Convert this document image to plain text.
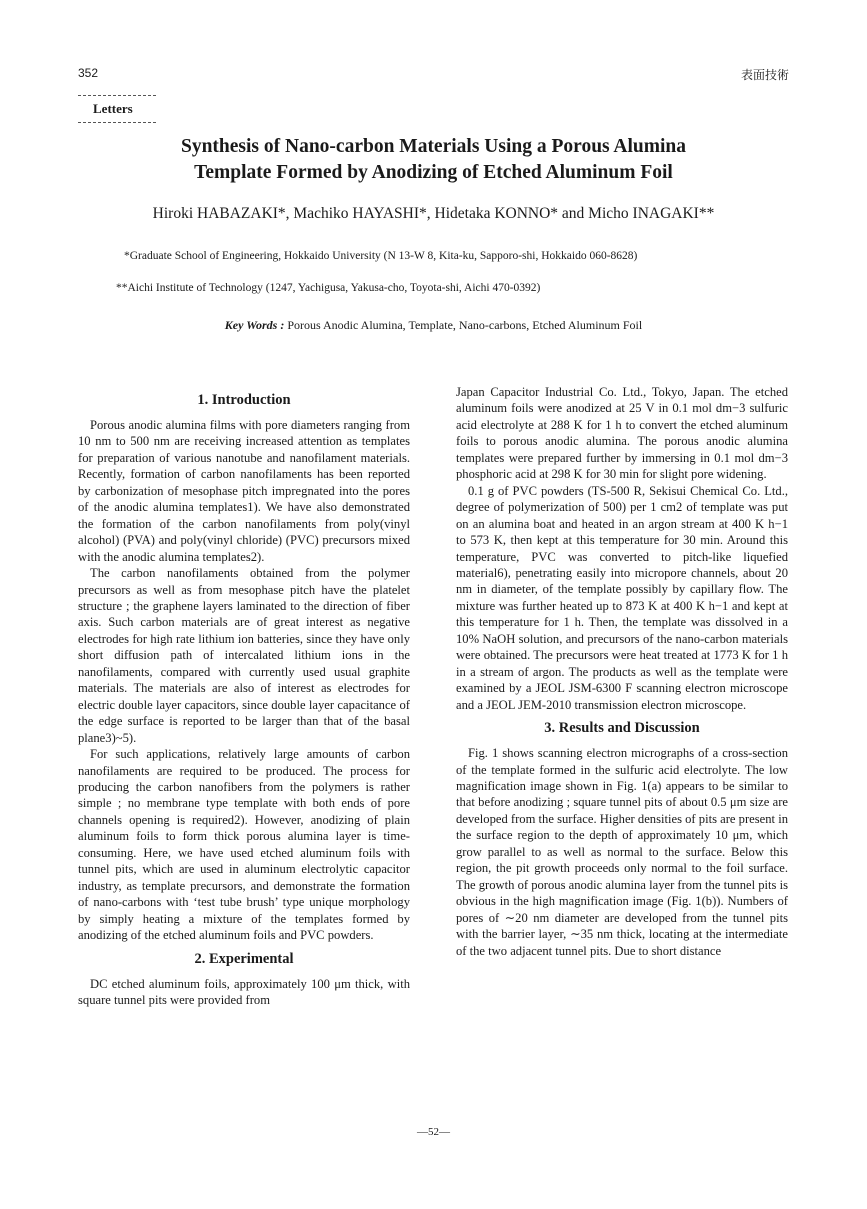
352	表面技術
Letters
Synthesis of Nano-carbon Materials Using a Porous Alumina
Template Formed by Anodizing of Etched Aluminum Foil
Hiroki HABAZAKI*, Machiko HAYASHI*, Hidetaka KONNO* and Micho INAGAKI**
*Graduate School of Engineering, Hokkaido University (N 13-W 8, Kita-ku, Sapporo-shi, Hokkaido 060-8628)
**Aichi Institute of Technology (1247, Yachigusa, Yakusa-cho, Toyota-shi, Aichi 470-0392)
Key Words : Porous Anodic Alumina, Template, Nano-carbons, Etched Aluminum Foil
1. Introduction

Porous anodic alumina films with pore diameters ranging from 10 nm to 500 nm are receiving increased attention as templates for preparation of various nanotube and nanofilament materials. Recently, formation of carbon nanofilaments has been reported by carbonization of mesophase pitch impregnated into the pores of the anodic alumina templates1). We have also demonstrated the formation of the carbon nanofilaments from poly(vinyl alcohol) (PVA) and poly(vinyl chloride) (PVC) precursors mixed with the anodic alumina templates2).

The carbon nanofilaments obtained from the polymer precursors as well as from mesophase pitch have the platelet structure ; the graphene layers laminated to the direction of fiber axis. Such carbon materials are of great interest as negative electrodes for high rate lithium ion batteries, since they have only short diffusion path of intercalated lithium ions in the nanofilaments, compared with currently used usual graphite materials. The materials are also of interest as electrodes for electric double layer capacitors, since double layer capacitance of the edge surface is reported to be larger than that of the basal plane3)~5).

For such applications, relatively large amounts of carbon nanofilaments are required to be produced. The process for producing the carbon nanofibers from the polymers is rather simple ; no membrane type template with both ends of pore channels opening is required2). However, anodizing of plain aluminum foils to form thick porous alumina layer is time-consuming. Here, we have used etched aluminum foils with tunnel pits, which are used in aluminum electrolytic capacitor industry, as template precursors, and demonstrate the formation of nano-carbons with ‘test tube brush’ type unique morphology by simply heating a mixture of the templates formed by anodizing of the etched aluminum foils and PVC powders.

2. Experimental

DC etched aluminum foils, approximately 100 μm thick, with square tunnel pits were provided from

Japan Capacitor Industrial Co. Ltd., Tokyo, Japan. The etched aluminum foils were anodized at 25 V in 0.1 mol dm−3 sulfuric acid electrolyte at 288 K for 1 h to convert the etched aluminum foils to porous anodic alumina. The porous anodic alumina templates were prepared further by immersing in 0.1 mol dm−3 phosphoric acid at 298 K for 30 min for slight pore widening.

0.1 g of PVC powders (TS-500 R, Sekisui Chemical Co. Ltd., degree of polymerization of 500) per 1 cm2 of template was put on an alumina boat and heated in an argon stream at 400 K h−1 to 573 K, then kept at this temperature for 30 min. Around this temperature, PVC was converted to pitch-like liquefied material6), penetrating easily into micropore channels, about 20 nm in diameter, of the template possibly by capillary flow. The mixture was further heated up to 873 K at 400 K h−1 and kept at this temperature for 1 h. Then, the template was dissolved in a 10% NaOH solution, and precursors of the nano-carbon materials were obtained. The precursors were heat treated at 1773 K for 1 h in a stream of argon. The products as well as the template were examined by a JEOL JSM-6300 F scanning electron microscope and a JEOL JEM-2010 transmission electron microscope.

3. Results and Discussion

Fig. 1 shows scanning electron micrographs of a cross-section of the template formed in the sulfuric acid electrolyte. The low magnification image shown in Fig. 1(a) appears to be similar to that before anodizing ; square tunnel pits of about 0.5 μm size are developed from the surface. Higher densities of pits are present in the surface region to the depth of approximately 10 μm, which grow parallel to as well as normal to the surface. Below this region, the pit growth proceeds only normal to the foil surface. The growth of porous anodic alumina layer from the tunnel pits is obvious in the high magnification image (Fig. 1(b)). Numbers of pores of ∼20 nm diameter are developed from the tunnel pits with the barrier layer, ∼35 nm thick, locating at the intermediate of the two adjacent tunnel pits. Due to short distance

—52—
